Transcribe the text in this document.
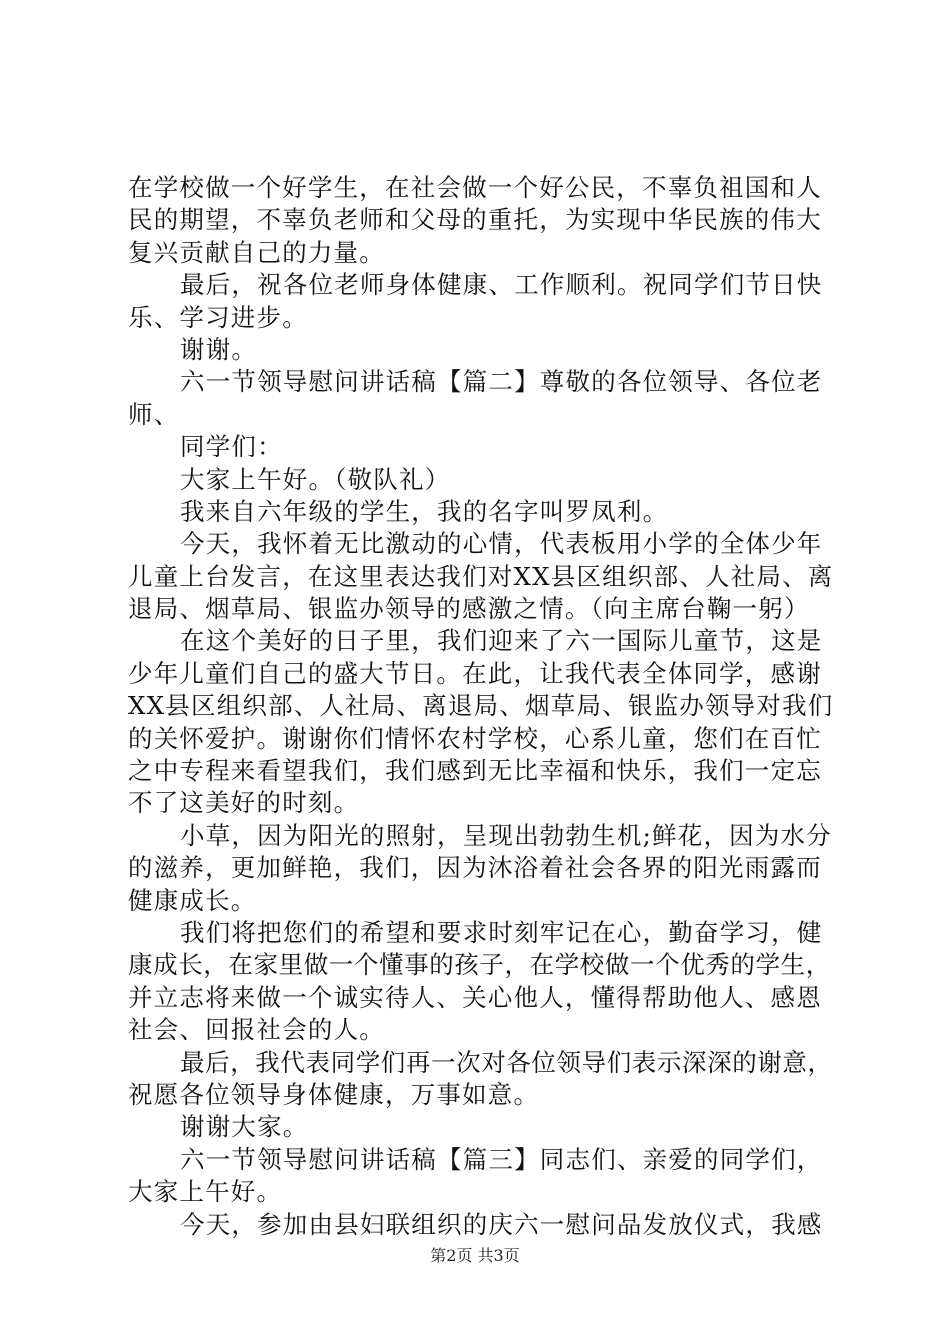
在学校做一个好学生，在社会做一个好公民，不辜负祖国和人
民的期望，不辜负老师和父母的重托，为实现中华民族的伟大
复兴贡献自己的力量。
最后，祝各位老师身体健康、工作顺利。祝同学们节日快
乐、学习进步。
谢谢。
六一节领导慰问讲话稿【篇二】尊敬的各位领导、各位老
师、
同学们：
大家上午好。（敬队礼）
我来自六年级的学生，我的名字叫罗凤利。
今天，我怀着无比激动的心情，代表板用小学的全体少年
儿童上台发言，在这里表达我们对XX县区组织部、人社局、离
退局、烟草局、银监办领导的感激之情。（向主席台鞠一躬）
在这个美好的日子里，我们迎来了六一国际儿童节，这是
少年儿童们自己的盛大节日。在此，让我代表全体同学，感谢
XX县区组织部、人社局、离退局、烟草局、银监办领导对我们
的关怀爱护。谢谢你们情怀农村学校，心系儿童，您们在百忙
之中专程来看望我们，我们感到无比幸福和快乐，我们一定忘
不了这美好的时刻。
小草，因为阳光的照射，呈现出勃勃生机;鲜花，因为水分
的滋养，更加鲜艳，我们，因为沐浴着社会各界的阳光雨露而
健康成长。
我们将把您们的希望和要求时刻牢记在心，勤奋学习，健
康成长，在家里做一个懂事的孩子，在学校做一个优秀的学生，
并立志将来做一个诚实待人、关心他人，懂得帮助他人、感恩
社会、回报社会的人。
最后，我代表同学们再一次对各位领导们表示深深的谢意，
祝愿各位领导身体健康，万事如意。
谢谢大家。
六一节领导慰问讲话稿【篇三】同志们、亲爱的同学们，
大家上午好。
今天，参加由县妇联组织的庆六一慰问品发放仪式，我感
第2页 共3页
